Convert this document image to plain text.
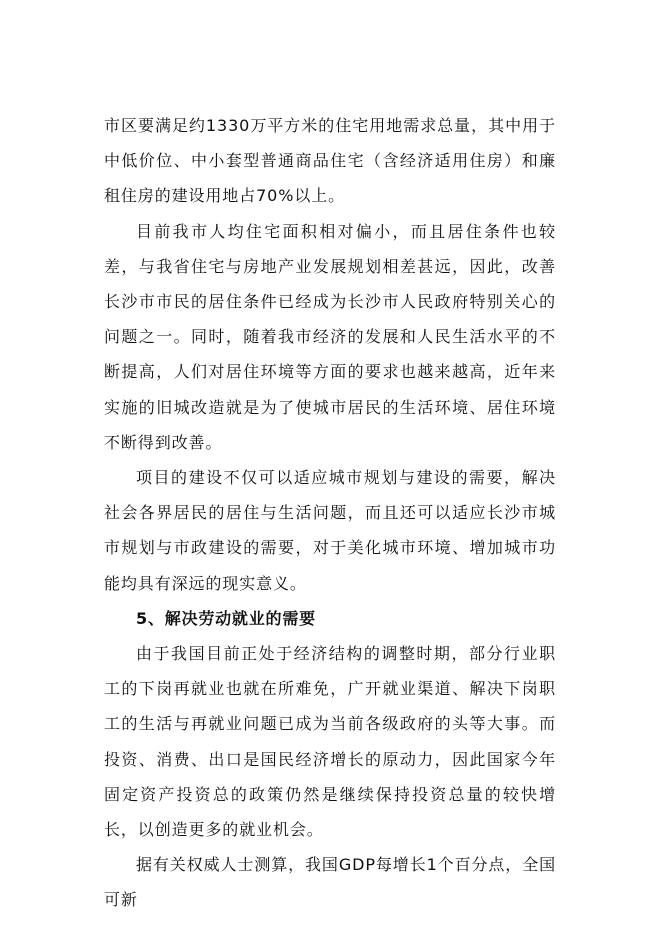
市区要满足约1330万平方米的住宅用地需求总量，其中用于中低价位、中小套型普通商品住宅（含经济适用住房）和廉租住房的建设用地占70%以上。

目前我市人均住宅面积相对偏小，而且居住条件也较差，与我省住宅与房地产业发展规划相差甚远，因此，改善长沙市市民的居住条件已经成为长沙市人民政府特别关心的问题之一。同时，随着我市经济的发展和人民生活水平的不断提高，人们对居住环境等方面的要求也越来越高，近年来实施的旧城改造就是为了使城市居民的生活环境、居住环境不断得到改善。

项目的建设不仅可以适应城市规划与建设的需要，解决社会各界居民的居住与生活问题，而且还可以适应长沙市城市规划与市政建设的需要，对于美化城市环境、增加城市功能均具有深远的现实意义。

5、解决劳动就业的需要

由于我国目前正处于经济结构的调整时期，部分行业职工的下岗再就业也就在所难免，广开就业渠道、解决下岗职工的生活与再就业问题已成为当前各级政府的头等大事。而投资、消费、出口是国民经济增长的原动力，因此国家今年固定资产投资总的政策仍然是继续保持投资总量的较快增长，以创造更多的就业机会。

据有关权威人士测算，我国GDP每增长1个百分点，全国可新
